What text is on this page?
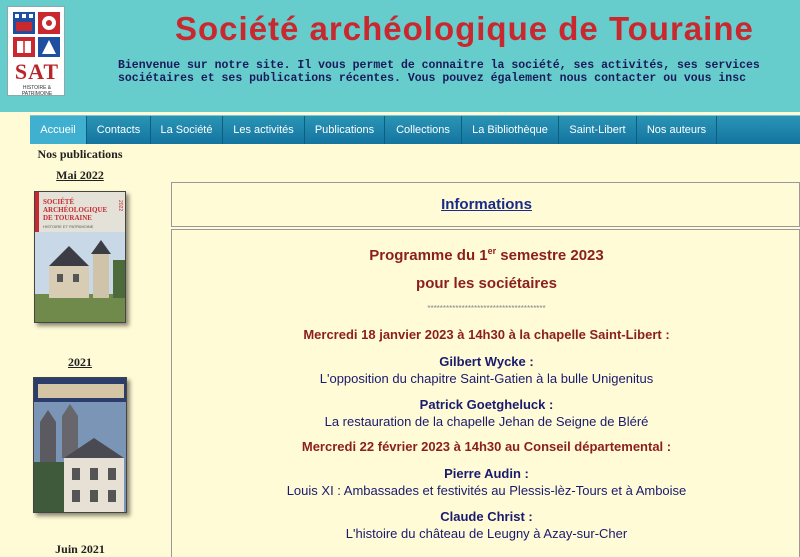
SAT
HISTOIRE & PATRIMOINE
Société archéologique de Touraine
Bienvenue sur notre site. Il vous permet de connaitre la société, ses activités, ses services
sociétaires et ses publications récentes. Vous pouvez également nous contacter ou vous insc
Accueil	Contacts	La Société	Les activités	Publications	Collections	La Bibliothèque	Saint-Libert	Nos auteurs
Nos publications
Mai 2022
SOCIÉTÉ ARCHÉOLOGIQUE DE TOURAINE
HISTOIRE ET PATRIMOINE
2022
2021
Juin 2021
Informations
Programme du 1er semestre 2023
pour les sociétaires
**************************************
Mercredi 18 janvier 2023 à 14h30 à la chapelle Saint-Libert :
Gilbert Wycke :
L'opposition du chapitre Saint-Gatien à la bulle Unigenitus
Patrick Goetgheluck :
La restauration de la chapelle Jehan de Seigne de Bléré
Mercredi 22 février 2023 à 14h30 au Conseil départemental :
Pierre Audin :
Louis XI : Ambassades et festivités au Plessis-lèz-Tours et à Amboise
Claude Christ :
L'histoire du château de Leugny à Azay-sur-Cher
